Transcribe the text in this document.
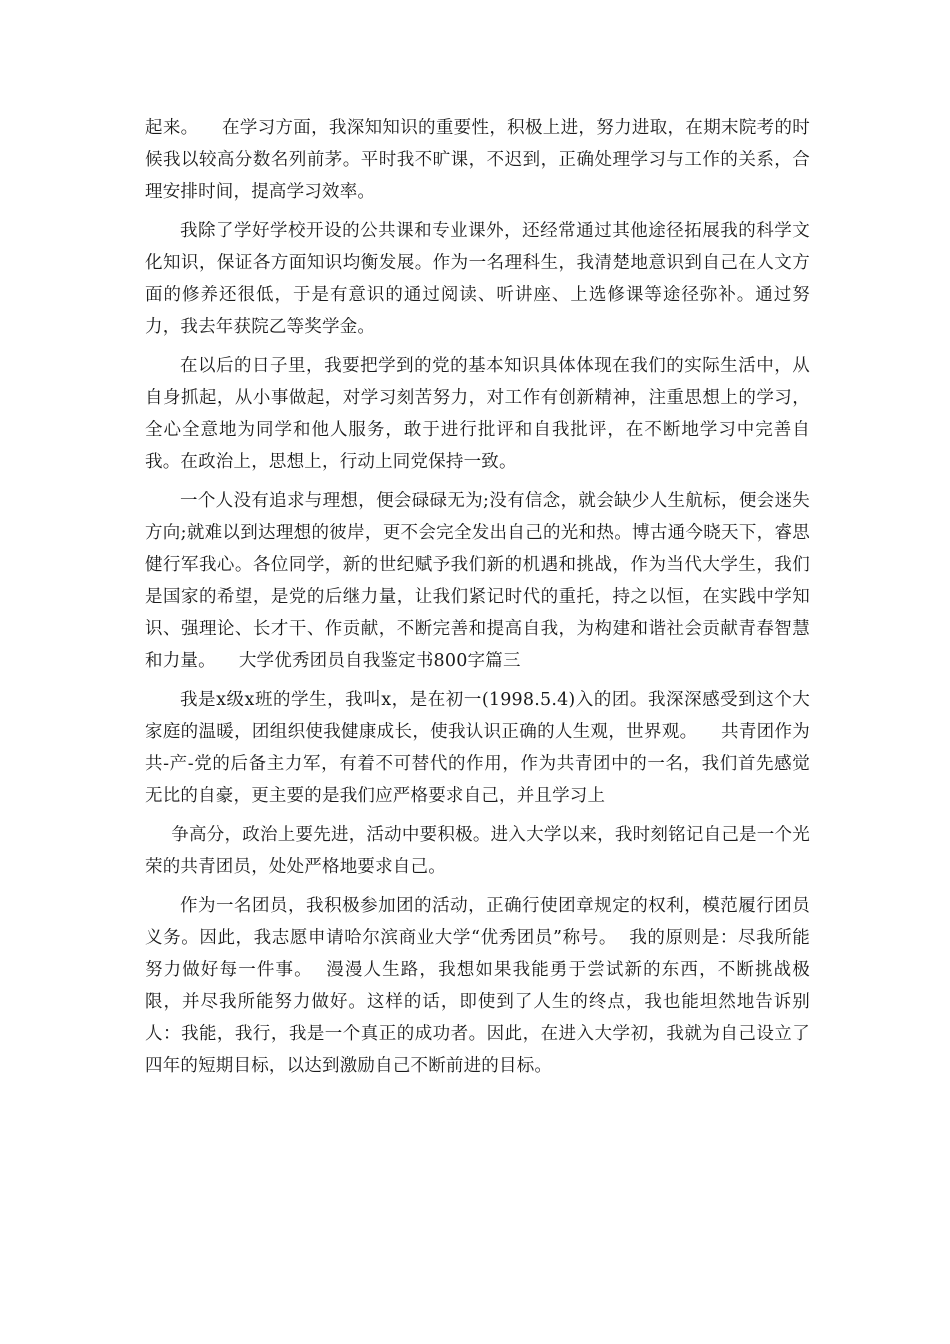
起来。    在学习方面，我深知知识的重要性，积极上进，努力进取，在期末院考的时候我以较高分数名列前茅。平时我不旷课，不迟到，正确处理学习与工作的关系，合理安排时间，提高学习效率。

我除了学好学校开设的公共课和专业课外，还经常通过其他途径拓展我的科学文化知识，保证各方面知识均衡发展。作为一名理科生，我清楚地意识到自己在人文方面的修养还很低，于是有意识的通过阅读、听讲座、上选修课等途径弥补。通过努力，我去年获院乙等奖学金。

在以后的日子里，我要把学到的党的基本知识具体体现在我们的实际生活中，从自身抓起，从小事做起，对学习刻苦努力，对工作有创新精神，注重思想上的学习，全心全意地为同学和他人服务，敢于进行批评和自我批评，在不断地学习中完善自我。在政治上，思想上，行动上同党保持一致。

一个人没有追求与理想，便会碌碌无为;没有信念，就会缺少人生航标，便会迷失方向;就难以到达理想的彼岸，更不会完全发出自己的光和热。博古通今晓天下，睿思健行军我心。各位同学，新的世纪赋予我们新的机遇和挑战，作为当代大学生，我们是国家的希望，是党的后继力量，让我们紧记时代的重托，持之以恒，在实践中学知识、强理论、长才干、作贡献，不断完善和提高自我，为构建和谐社会贡献青春智慧和力量。    大学优秀团员自我鉴定书800字篇三

我是x级x班的学生，我叫x，是在初一(1998.5.4)入的团。我深深感受到这个大家庭的温暖，团组织使我健康成长，使我认识正确的人生观，世界观。    共青团作为共-产-党的后备主力军，有着不可替代的作用，作为共青团中的一名，我们首先感觉无比的自豪，更主要的是我们应严格要求自己，并且学习上

争高分，政治上要先进，活动中要积极。进入大学以来，我时刻铭记自己是一个光荣的共青团员，处处严格地要求自己。

作为一名团员，我积极参加团的活动，正确行使团章规定的权利，模范履行团员义务。因此，我志愿申请哈尔滨商业大学“优秀团员”称号。  我的原则是：尽我所能努力做好每一件事。  漫漫人生路，我想如果我能勇于尝试新的东西，不断挑战极限，并尽我所能努力做好。这样的话，即使到了人生的终点，我也能坦然地告诉别人：我能，我行，我是一个真正的成功者。因此，在进入大学初，我就为自己设立了四年的短期目标，以达到激励自己不断前进的目标。
